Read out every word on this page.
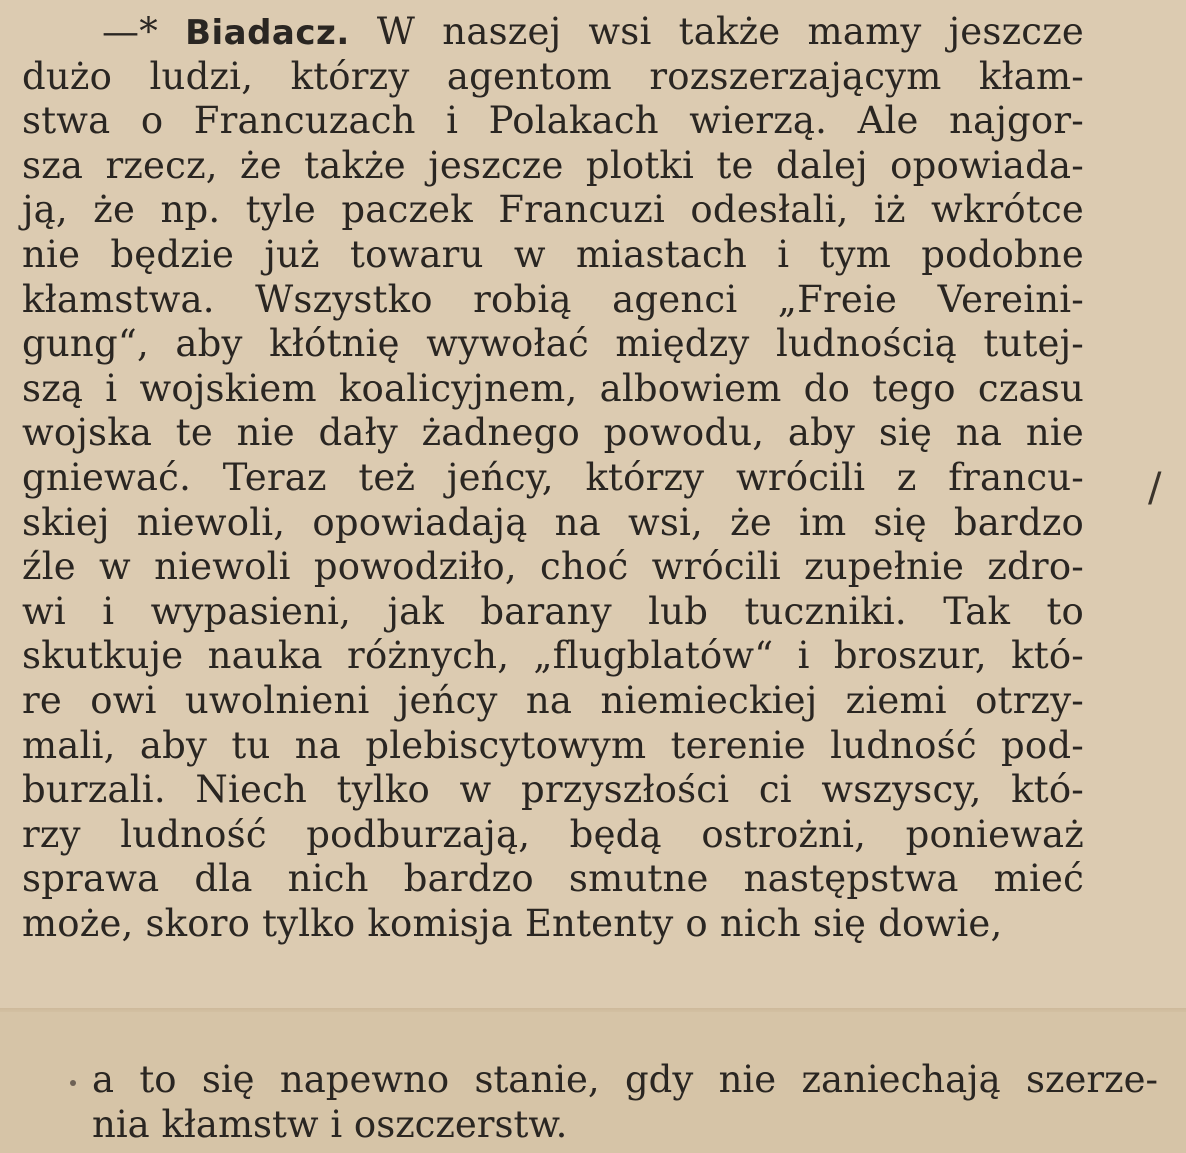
—* Biadacz. W naszej wsi także mamy jeszcze

dużo ludzi, którzy agentom rozszerzającym kłam-

stwa o Francuzach i Polakach wierzą. Ale najgor-

sza rzecz, że także jeszcze plotki te dalej opowiada-

ją, że np. tyle paczek Francuzi odesłali, iż wkrótce

nie będzie już towaru w miastach i tym podobne

kłamstwa. Wszystko robią agenci „Freie Vereini-

gung“, aby kłótnię wywołać między ludnością tutej-

szą i wojskiem koalicyjnem, albowiem do tego czasu

wojska te nie dały żadnego powodu, aby się na nie

gniewać. Teraz też jeńcy, którzy wrócili z francu-

skiej niewoli, opowiadają na wsi, że im się bardzo

źle w niewoli powodziło, choć wrócili zupełnie zdro-

wi i wypasieni, jak barany lub tuczniki. Tak to

skutkuje nauka różnych, „flugblatów“ i broszur, któ-

re owi uwolnieni jeńcy na niemieckiej ziemi otrzy-

mali, aby tu na plebiscytowym terenie ludność pod-

burzali. Niech tylko w przyszłości ci wszyscy, któ-

rzy ludność podburzają, będą ostrożni, ponieważ

sprawa dla nich bardzo smutne następstwa mieć

może, skoro tylko komisja Ententy o nich się dowie,

a to się napewno stanie, gdy nie zaniechają szerze-

nia kłamstw i oszczerstw.

/
